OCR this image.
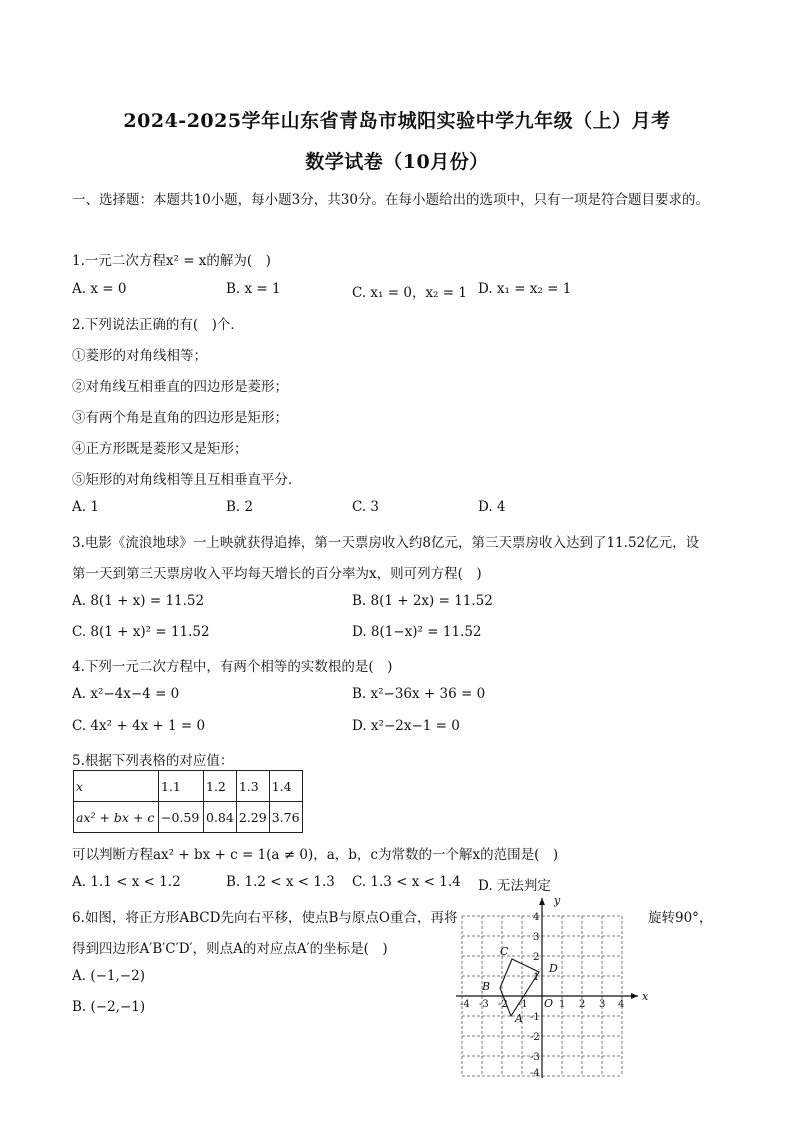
2024-2025学年山东省青岛市城阳实验中学九年级（上）月考
数学试卷（10月份）
一、选择题：本题共10小题，每小题3分，共30分。在每小题给出的选项中，只有一项是符合题目要求的。
1.一元二次方程x² = x的解为(　)
A. x = 0	B. x = 1	C. x₁ = 0，x₂ = 1 D. x₁ = x₂ = 1
2.下列说法正确的有(　)个．
①菱形的对角线相等；
②对角线互相垂直的四边形是菱形；
③有两个角是直角的四边形是矩形；
④正方形既是菱形又是矩形；
⑤矩形的对角线相等且互相垂直平分．
A. 1	B. 2	C. 3	D. 4
3.电影《流浪地球》一上映就获得追捧，第一天票房收入约8亿元，第三天票房收入达到了11.52亿元，设
第一天到第三天票房收入平均每天增长的百分率为x，则可列方程(　)
A. 8(1 + x) = 11.52	B. 8(1 + 2x) = 11.52
C. 8(1 + x)² = 11.52	D. 8(1−x)² = 11.52
4.下列一元二次方程中，有两个相等的实数根的是(　)
A. x²−4x−4 = 0	B. x²−36x + 36 = 0
C. 4x² + 4x + 1 = 0	D. x²−2x−1 = 0
5.根据下列表格的对应值：
x	1.1	1.2	1.3	1.4
ax² + bx + c	−0.59	0.84	2.29	3.76
可以判断方程ax² + bx + c = 1(a ≠ 0)，a，b，c为常数的一个解x的范围是(　)
A. 1.1 < x < 1.2	B. 1.2 < x < 1.3 C. 1.3 < x < 1.4 D. 无法判定
6.如图，将正方形ABCD先向右平移，使点B与原点O重合，再将	旋转90°，
得到四边形A′B′C′D′，则点A的对应点A′的坐标是(　)
A. (−1,−2)
B. (−2,−1)
x
y
O
-4 -3 -2 -1	1 2 3 4
4
3
2
1
-1
-2
-3
-4
A
B
C
D
